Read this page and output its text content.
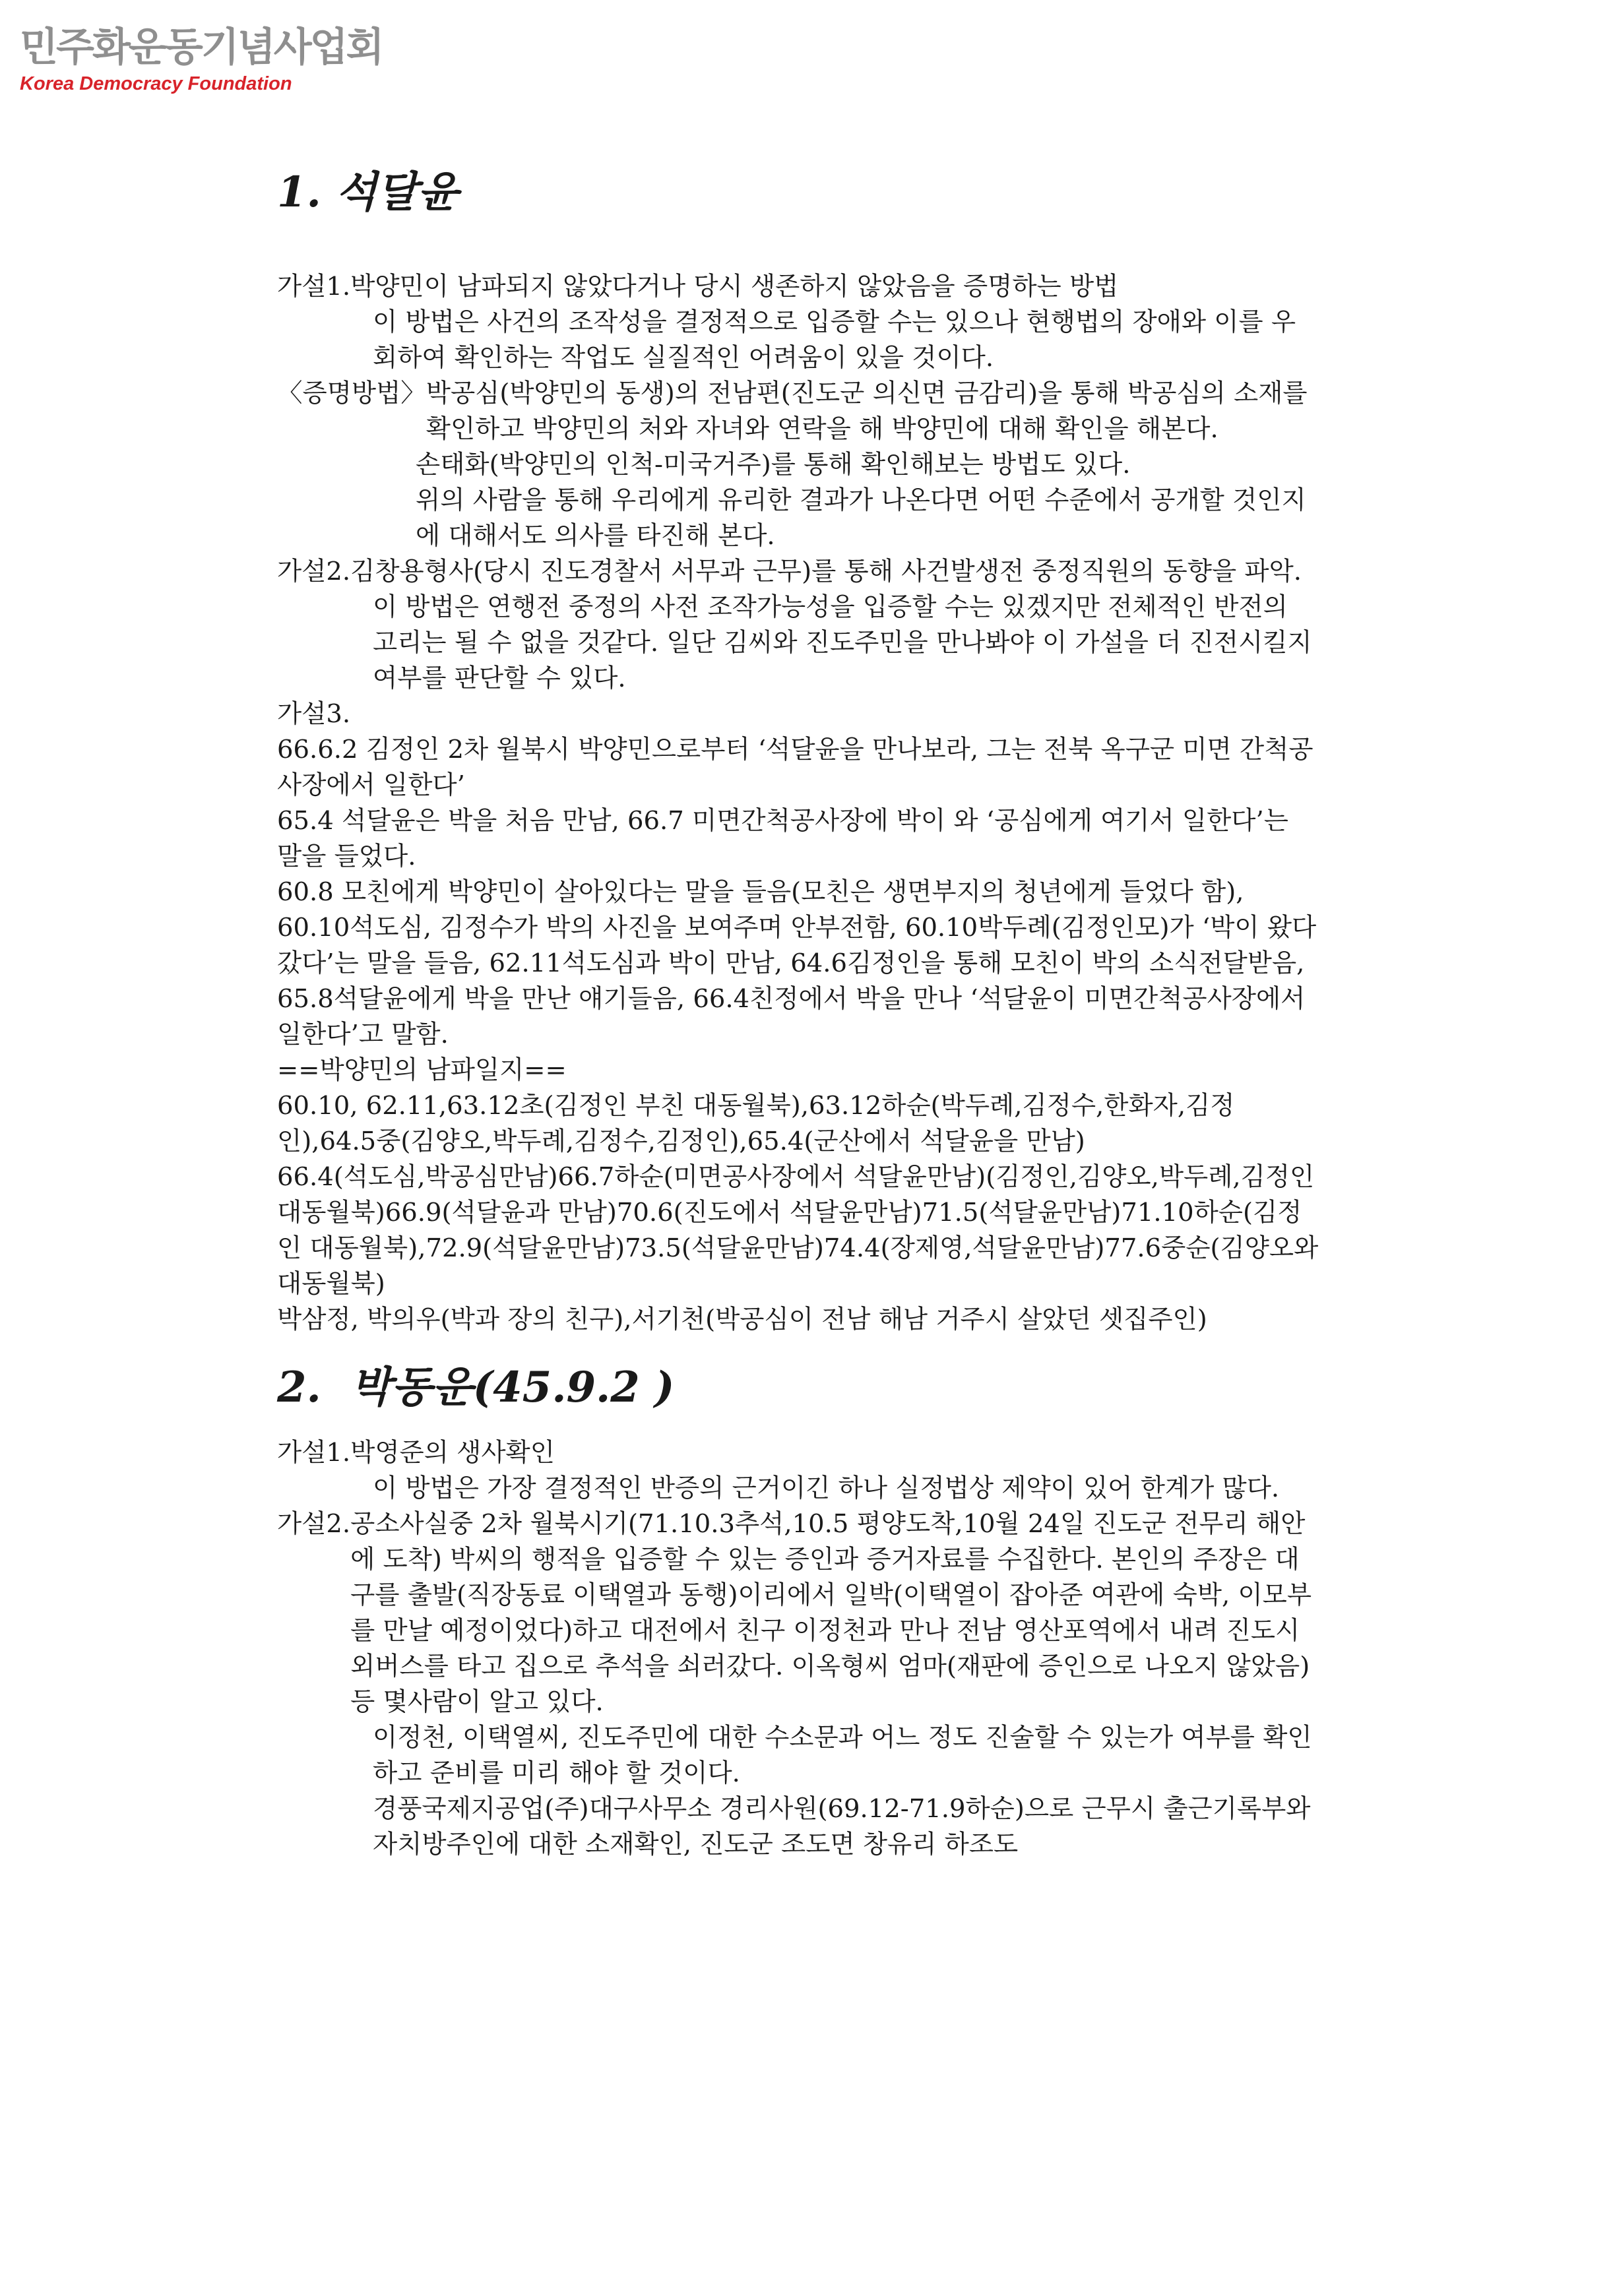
민주화운동기념사업회
Korea Democracy Foundation
1. 석달윤
가설1. 박양민이 남파되지 않았다거나 당시 생존하지 않았음을 증명하는 방법
이 방법은 사건의 조작성을 결정적으로 입증할 수는 있으나 현행법의 장애와 이를 우회하여 확인하는 작업도 실질적인 어려움이 있을 것이다.
〈증명방법〉 박공심(박양민의 동생)의 전남편(진도군 의신면 금감리)을 통해 박공심의 소재를 확인하고 박양민의 처와 자녀와 연락을 해 박양민에 대해 확인을 해본다.
손태화(박양민의 인척-미국거주)를 통해 확인해보는 방법도 있다.
위의 사람을 통해 우리에게 유리한 결과가 나온다면 어떤 수준에서 공개할 것인지에 대해서도 의사를 타진해 본다.
가설2. 김창용형사(당시 진도경찰서 서무과 근무)를 통해 사건발생전 중정직원의 동향을 파악.
이 방법은 연행전 중정의 사전 조작가능성을 입증할 수는 있겠지만 전체적인 반전의 고리는 될 수 없을 것같다. 일단 김씨와 진도주민을 만나봐야 이 가설을 더 진전시킬지 여부를 판단할 수 있다.
가설3.
66.6.2 김정인 2차 월북시 박양민으로부터 ‘석달윤을 만나보라, 그는 전북 옥구군 미면 간척공사장에서 일한다’
65.4 석달윤은 박을 처음 만남, 66.7 미면간척공사장에 박이 와 ‘공심에게 여기서 일한다’는 말을 들었다.
60.8 모친에게 박양민이 살아있다는 말을 들음(모친은 생면부지의 청년에게 들었다 함), 60.10석도심, 김정수가 박의 사진을 보여주며 안부전함, 60.10박두례(김정인모)가 ‘박이 왔다갔다’는 말을 들음, 62.11석도심과 박이 만남, 64.6김정인을 통해 모친이 박의 소식전달받음, 65.8석달윤에게 박을 만난 얘기들음, 66.4친정에서 박을 만나 ‘석달윤이 미면간척공사장에서 일한다’고 말함.
==박양민의 남파일지==
60.10, 62.11,63.12초(김정인 부친 대동월북),63.12하순(박두례,김정수,한화자,김정인),64.5중(김양오,박두례,김정수,김정인),65.4(군산에서 석달윤을 만남)
66.4(석도심,박공심만남)66.7하순(미면공사장에서 석달윤만남)(김정인,김양오,박두례,김정인 대동월북)66.9(석달윤과 만남)70.6(진도에서 석달윤만남)71.5(석달윤만남)71.10하순(김정인 대동월북),72.9(석달윤만남)73.5(석달윤만남)74.4(장제영,석달윤만남)77.6중순(김양오와 대동월북)
박삼정, 박의우(박과 장의 친구),서기천(박공심이 전남 해남 거주시 살았던 셋집주인)
2.  박동운(45.9.2 )
가설1. 박영준의 생사확인
이 방법은 가장 결정적인 반증의 근거이긴 하나 실정법상 제약이 있어 한계가 많다.
가설2. 공소사실중 2차 월북시기(71.10.3추석,10.5 평양도착,10월 24일 진도군 전무리 해안에 도착) 박씨의 행적을 입증할 수 있는 증인과 증거자료를 수집한다. 본인의 주장은 대구를 출발(직장동료 이택열과 동행)이리에서 일박(이택열이 잡아준 여관에 숙박, 이모부를 만날 예정이었다)하고 대전에서 친구 이정천과 만나 전남 영산포역에서 내려 진도시외버스를 타고 집으로 추석을 쇠러갔다. 이옥형씨 엄마(재판에 증인으로 나오지 않았음) 등 몇사람이 알고 있다.
이정천, 이택열씨, 진도주민에 대한 수소문과 어느 정도 진술할 수 있는가 여부를 확인하고 준비를 미리 해야 할 것이다.
경풍국제지공업(주)대구사무소 경리사원(69.12-71.9하순)으로 근무시 출근기록부와 자치방주인에 대한 소재확인, 진도군 조도면 창유리 하조도
